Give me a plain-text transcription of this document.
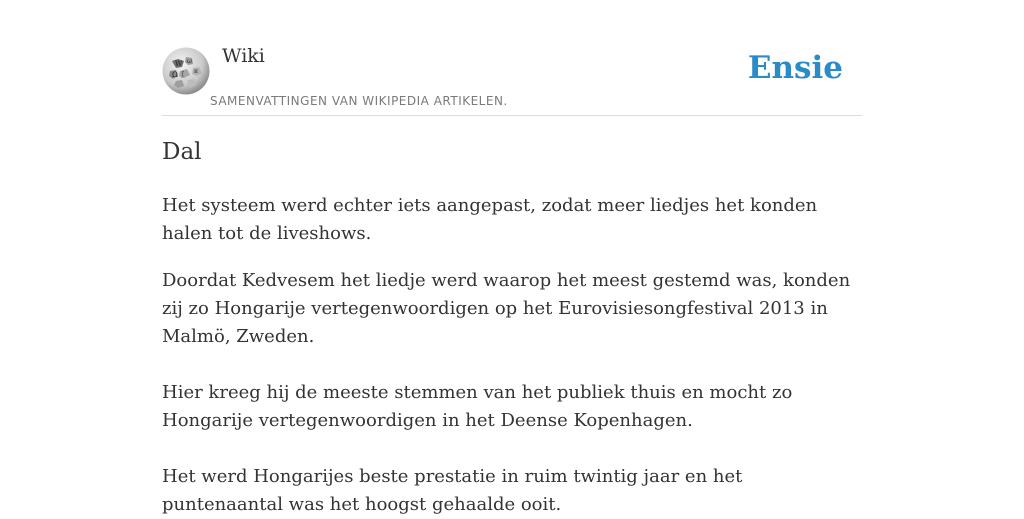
W ω
Ω ʃ и
Wiki
SAMENVATTINGEN VAN WIKIPEDIA ARTIKELEN.
Ensie
Dal

Het systeem werd echter iets aangepast, zodat meer liedjes het konden halen tot de liveshows.

Doordat Kedvesem het liedje werd waarop het meest gestemd was, konden zij zo Hongarije vertegenwoordigen op het Eurovisiesongfestival 2013 in Malmö, Zweden.

Hier kreeg hij de meeste stemmen van het publiek thuis en mocht zo Hongarije vertegenwoordigen in het Deense Kopenhagen.

Het werd Hongarijes beste prestatie in ruim twintig jaar en het puntenaantal was het hoogst gehaalde ooit.
